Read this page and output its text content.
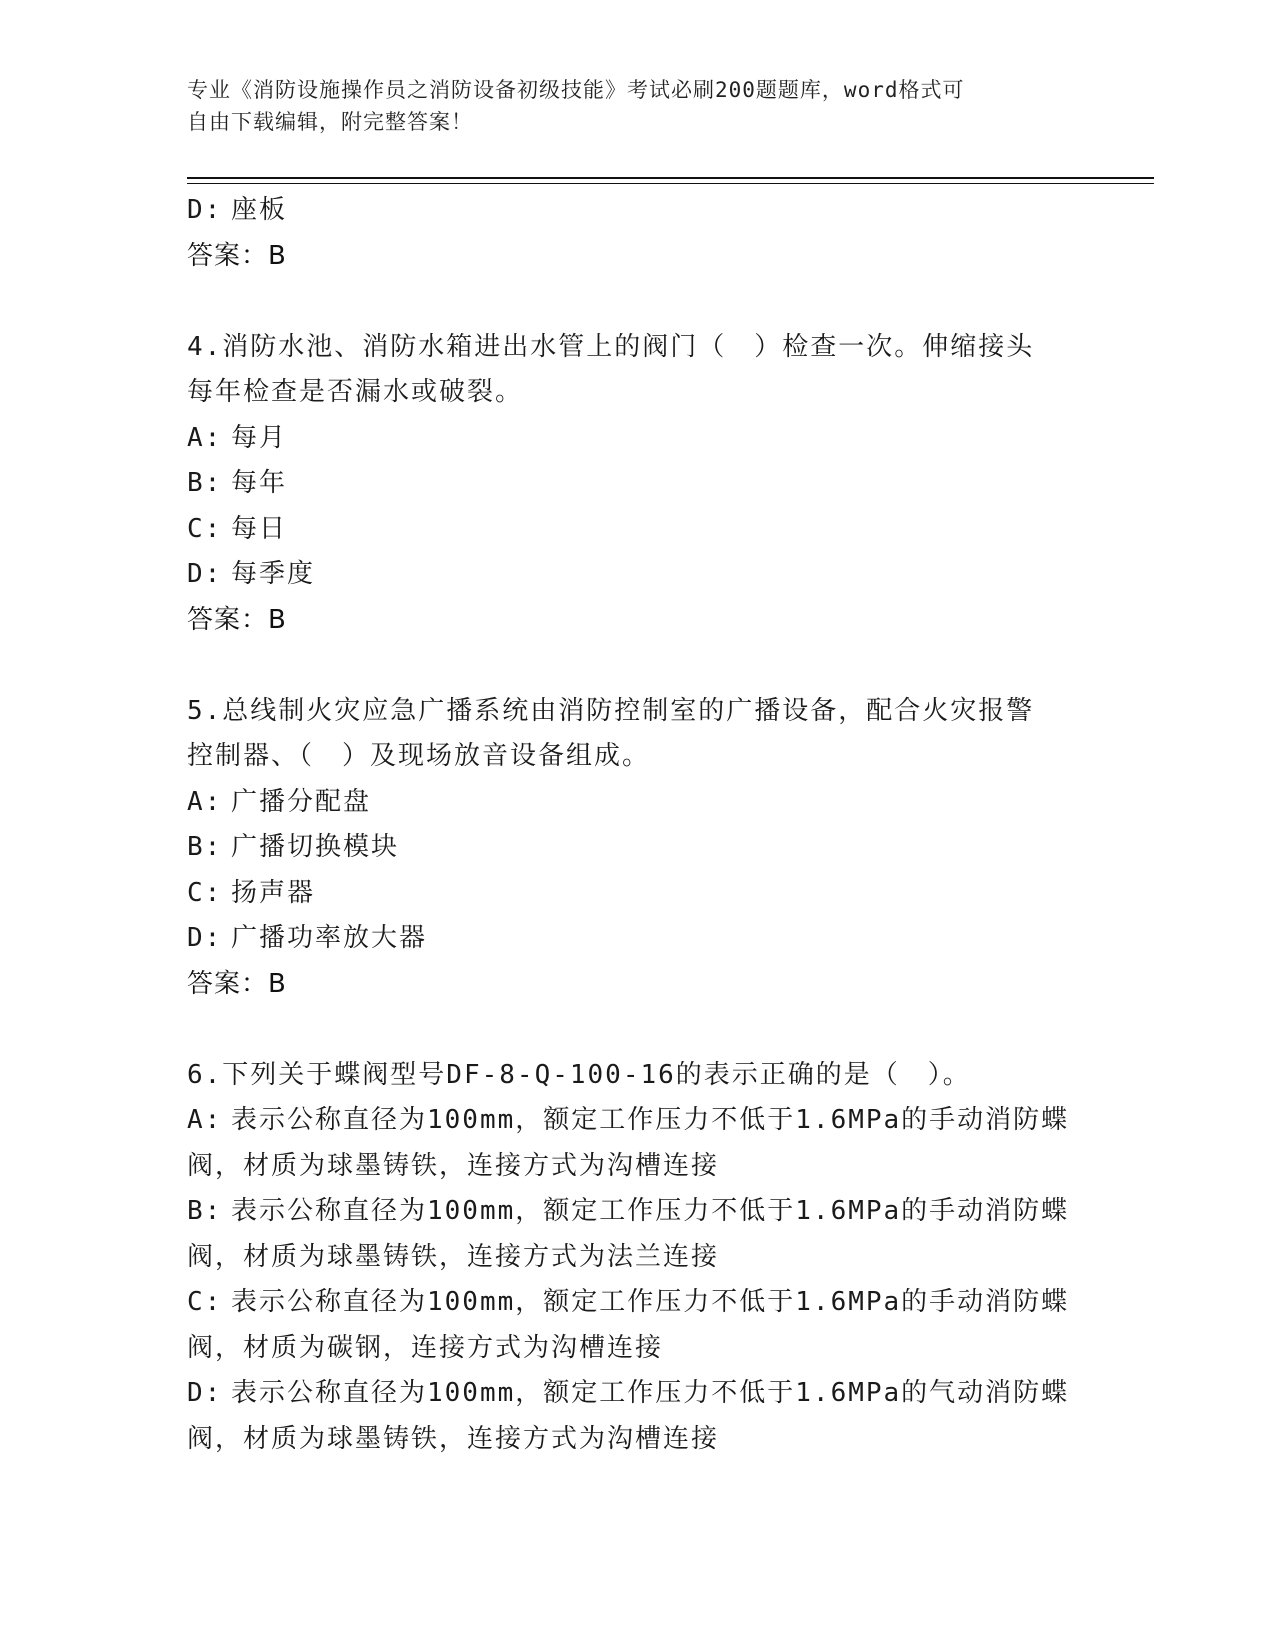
专业《消防设施操作员之消防设备初级技能》考试必刷200题题库，word格式可
自由下载编辑，附完整答案！
D: 座板
答案：B
4.消防水池、消防水箱进出水管上的阀门（　）检查一次。伸缩接头
每年检查是否漏水或破裂。
A: 每月
B: 每年
C: 每日
D: 每季度
答案：B
5.总线制火灾应急广播系统由消防控制室的广播设备，配合火灾报警
控制器、（　）及现场放音设备组成。
A: 广播分配盘
B: 广播切换模块
C: 扬声器
D: 广播功率放大器
答案：B
6.下列关于蝶阀型号DF-8-Q-100-16的表示正确的是（　）。
A: 表示公称直径为100mm，额定工作压力不低于1.6MPa的手动消防蝶
阀，材质为球墨铸铁，连接方式为沟槽连接
B: 表示公称直径为100mm，额定工作压力不低于1.6MPa的手动消防蝶
阀，材质为球墨铸铁，连接方式为法兰连接
C: 表示公称直径为100mm，额定工作压力不低于1.6MPa的手动消防蝶
阀，材质为碳钢，连接方式为沟槽连接
D: 表示公称直径为100mm，额定工作压力不低于1.6MPa的气动消防蝶
阀，材质为球墨铸铁，连接方式为沟槽连接
